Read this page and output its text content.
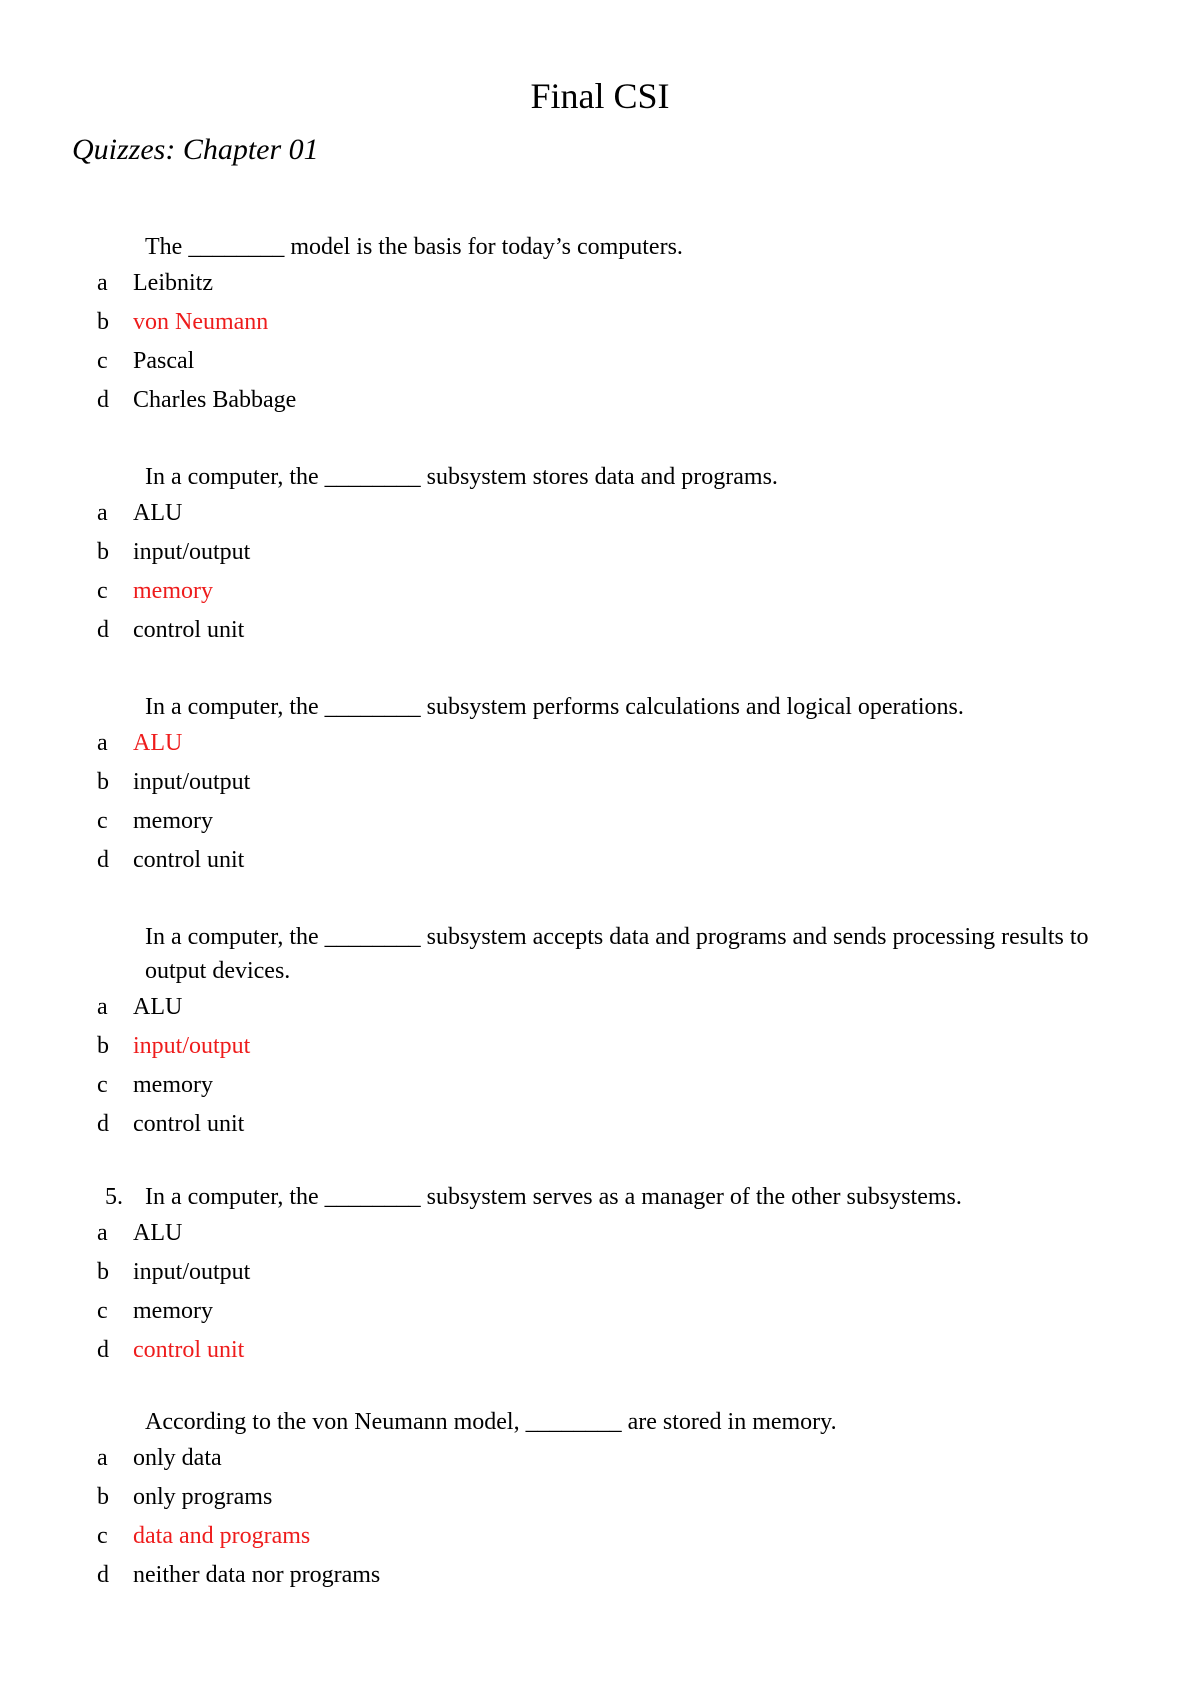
Final CSI
Quizzes: Chapter 01

The ________ model is the basis for today’s computers.

a Leibnitz
b von Neumann
c Pascal
d Charles Babbage

In a computer, the ________ subsystem stores data and programs.

a ALU
b input/output
c memory
d control unit

In a computer, the ________ subsystem performs calculations and logical operations.

a ALU
b input/output
c memory
d control unit

In a computer, the ________ subsystem accepts data and programs and sends processing results to output devices.

a ALU
b input/output
c memory
d control unit

5. In a computer, the ________ subsystem serves as a manager of the other subsystems.

a ALU
b input/output
c memory
d control unit

According to the von Neumann model, ________ are stored in memory.

a only data
b only programs
c data and programs
d neither data nor programs
